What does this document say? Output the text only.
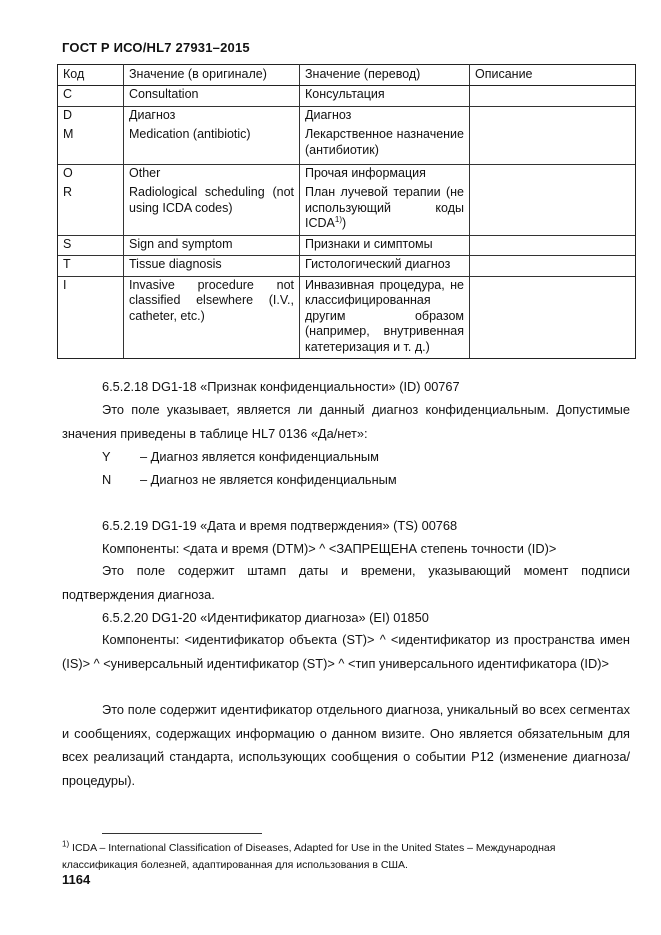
ГОСТ Р ИСО/HL7 27931–2015
Код	Значение (в оригинале)	Значение (перевод)	Описание
C	Consultation	Консультация	
D	Диагноз	Диагноз	
M	Medication (antibiotic)	Лекарственное назначение (антибиотик)	
O	Other	Прочая информация	
R	Radiological scheduling (not using ICDA codes)	План лучевой терапии (не использующий коды ICDA$^{1)}$)	
S	Sign and symptom	Признаки и симптомы	
T	Tissue diagnosis	Гистологический диагноз	
I	Invasive procedure not classified elsewhere (I.V., catheter, etc.)	Инвазивная процедура, не классифицированная другим образом (например, внутривенная катетеризация и т. д.)	
6.5.2.18 DG1-18 «Признак конфиденциальности» (ID) 00767
Это поле указывает, является ли данный диагноз конфиденциальным. Допустимые значения приведены в таблице HL7 0136 «Да/нет»:
Y – Диагноз является конфиденциальным
N – Диагноз не является конфиденциальным
6.5.2.19 DG1-19 «Дата и время подтверждения» (TS) 00768
Компоненты: <дата и время (DTM)> ^ <ЗАПРЕЩЕНА степень точности (ID)>
Это поле содержит штамп даты и времени, указывающий момент подписи подтверждения диагноза.
6.5.2.20 DG1-20 «Идентификатор диагноза» (EI) 01850
Компоненты: <идентификатор объекта (ST)> ^ <идентификатор из пространства имен (IS)> ^ <универсальный идентификатор (ST)> ^ <тип универсального идентификатора (ID)>
Это поле содержит идентификатор отдельного диагноза, уникальный во всех сегментах и сообщениях, содержащих информацию о данном визите. Оно является обязательным для всех реализаций стандарта, использующих сообщения о событии P12 (изменение диагноза/процедуры).
$^{1)}$ ICDA – International Classification of Diseases, Adapted for Use in the United States – Международная классификация болезней, адаптированная для использования в США.
1164
